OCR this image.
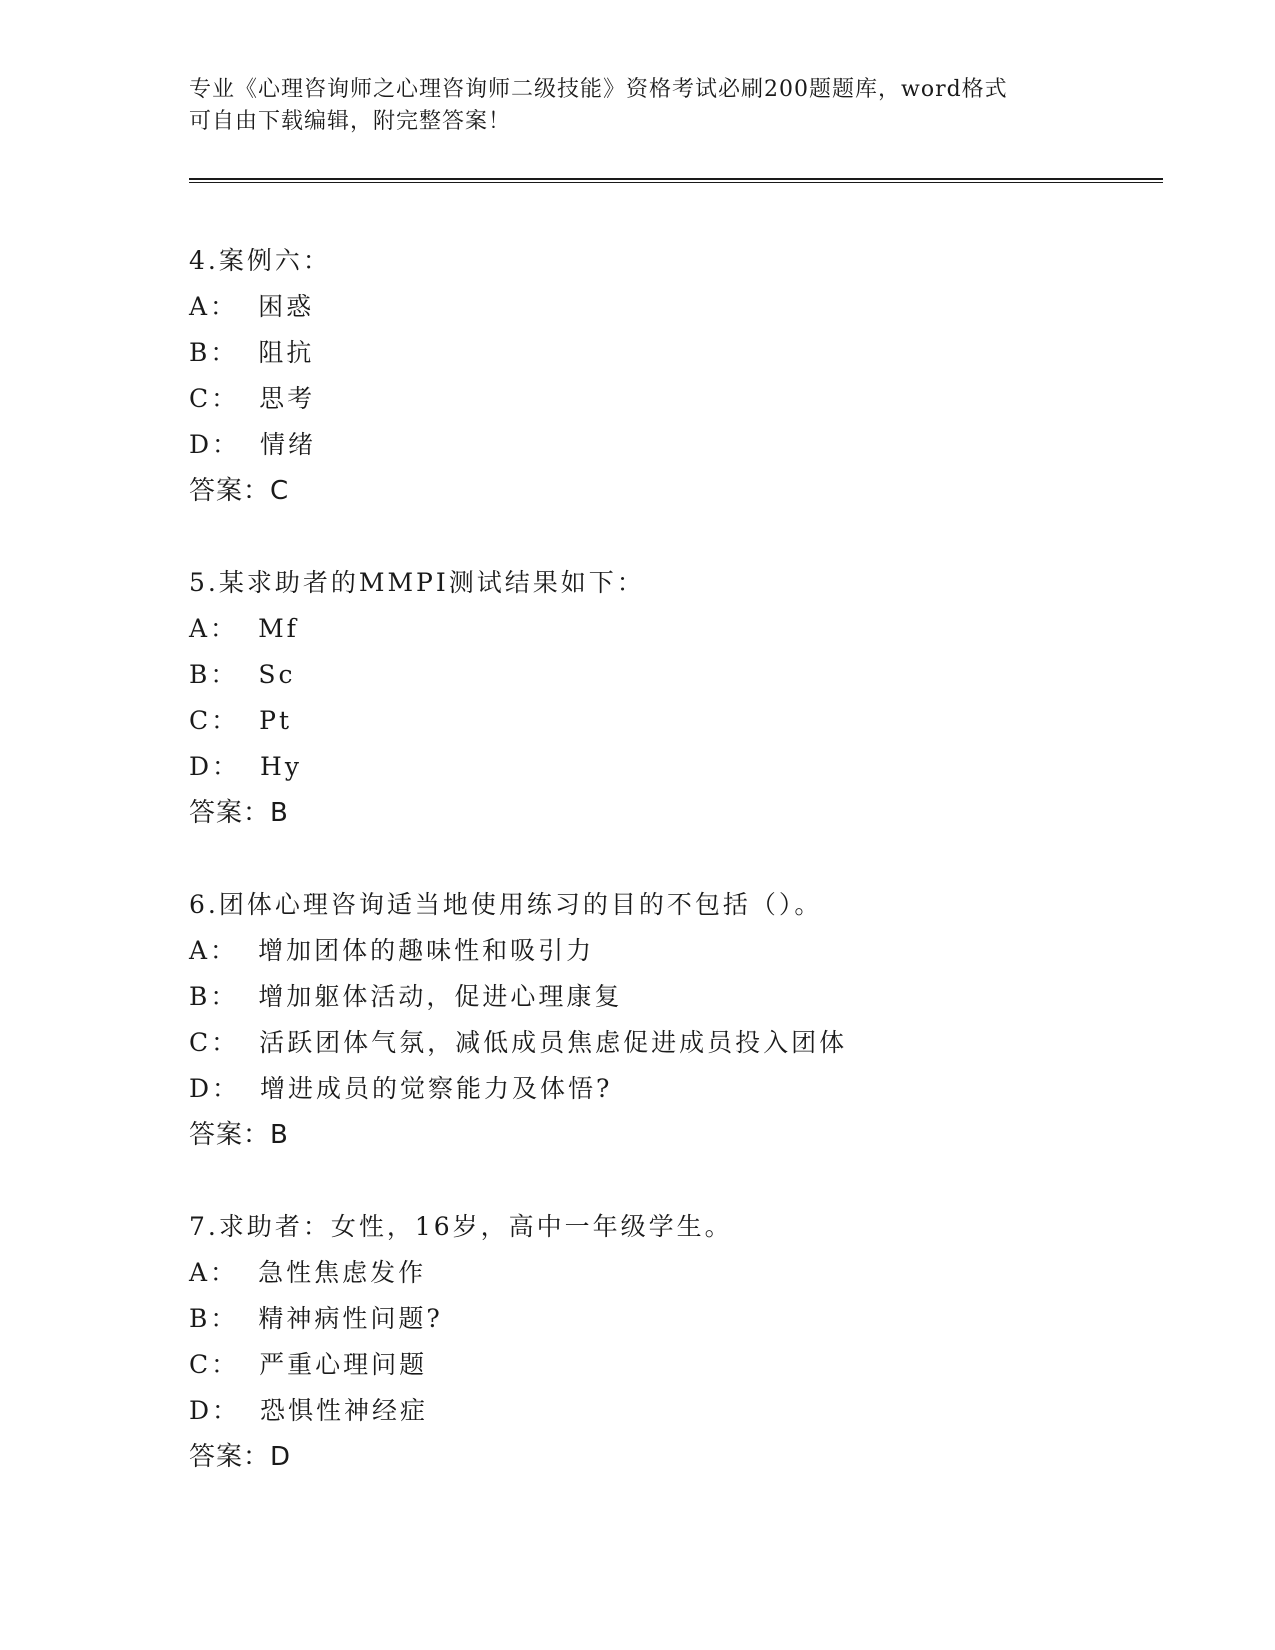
专业《心理咨询师之心理咨询师二级技能》资格考试必刷200题题库，word格式
可自由下载编辑，附完整答案！
4.案例六：
A： 困惑
B： 阻抗
C： 思考
D： 情绪
答案：C
5.某求助者的MMPI测试结果如下：
A： Mf
B： Sc
C： Pt
D： Hy
答案：B
6.团体心理咨询适当地使用练习的目的不包括（）。
A： 增加团体的趣味性和吸引力
B： 增加躯体活动，促进心理康复
C： 活跃团体气氛，减低成员焦虑促进成员投入团体
D： 增进成员的觉察能力及体悟?
答案：B
7.求助者：女性，16岁，高中一年级学生。
A： 急性焦虑发作
B： 精神病性问题?
C： 严重心理问题
D： 恐惧性神经症
答案：D
